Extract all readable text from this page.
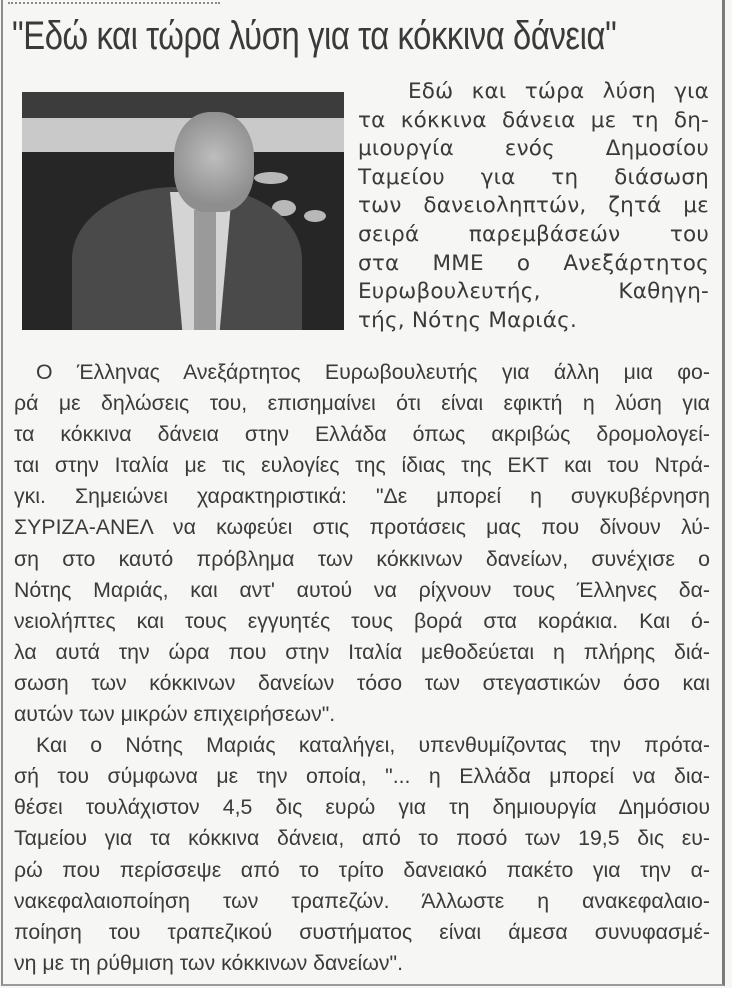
"Εδώ και τώρα λύση για τα κόκκινα δάνεια"
Εδώ και τώρα λύση για
τα κόκκινα δάνεια με τη δη-
μιουργία ενός Δημοσίου
Ταμείου για τη διάσωση
των δανειοληπτών, ζητά με
σειρά παρεμβάσεών του
στα ΜΜΕ ο Ανεξάρτητος
Ευρωβουλευτής, Καθηγη-
τής, Νότης Μαριάς.
Ο Έλληνας Ανεξάρτητος Ευρωβουλευτής για άλλη μια φο-
ρά με δηλώσεις του, επισημαίνει ότι είναι εφικτή η λύση για
τα κόκκινα δάνεια στην Ελλάδα όπως ακριβώς δρομολογεί-
ται στην Ιταλία με τις ευλογίες της ίδιας της ΕΚΤ και του Ντρά-
γκι. Σημειώνει χαρακτηριστικά: "Δε μπορεί η συγκυβέρνηση
ΣΥΡΙΖΑ-ΑΝΕΛ να κωφεύει στις προτάσεις μας που δίνουν λύ-
ση στο καυτό πρόβλημα των κόκκινων δανείων, συνέχισε ο
Νότης Μαριάς, και αντ' αυτού να ρίχνουν τους Έλληνες δα-
νειολήπτες και τους εγγυητές τους βορά στα κοράκια. Και ό-
λα αυτά την ώρα που στην Ιταλία μεθοδεύεται η πλήρης διά-
σωση των κόκκινων δανείων τόσο των στεγαστικών όσο και
αυτών των μικρών επιχειρήσεων".
Και ο Νότης Μαριάς καταλήγει, υπενθυμίζοντας την πρότα-
σή του σύμφωνα με την οποία, "... η Ελλάδα μπορεί να δια-
θέσει τουλάχιστον 4,5 δις ευρώ για τη δημιουργία Δημόσιου
Ταμείου για τα κόκκινα δάνεια, από το ποσό των 19,5 δις ευ-
ρώ που περίσσεψε από το τρίτο δανειακό πακέτο για την α-
νακεφαλαιοποίηση των τραπεζών. Άλλωστε η ανακεφαλαιο-
ποίηση του τραπεζικού συστήματος είναι άμεσα συνυφασμέ-
νη με τη ρύθμιση των κόκκινων δανείων".
